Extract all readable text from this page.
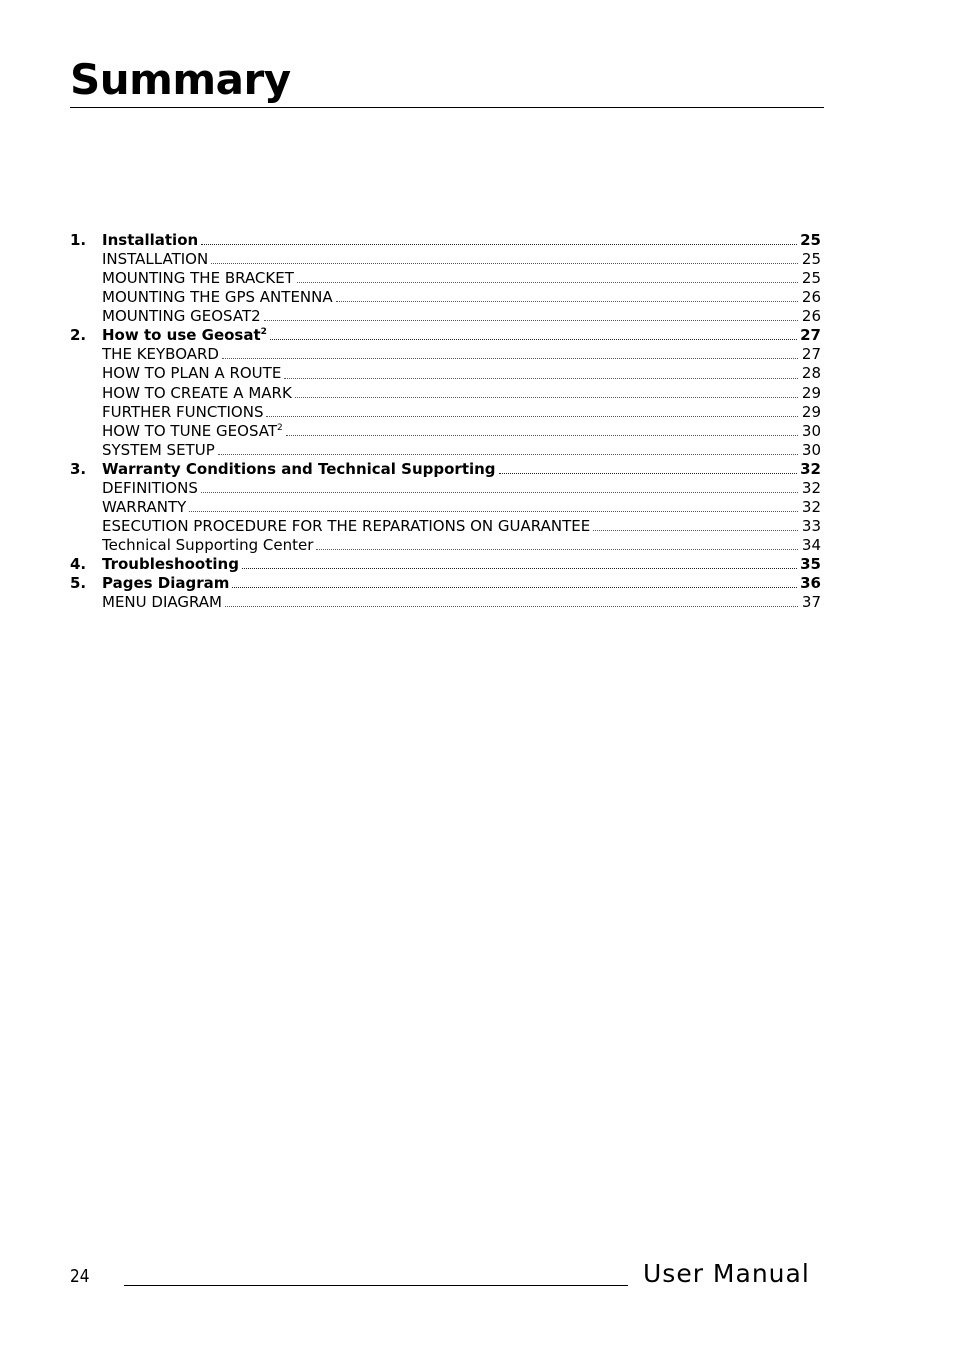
Summary
1.	Installation	25
INSTALLATION	25
MOUNTING THE BRACKET	25
MOUNTING THE GPS ANTENNA	26
MOUNTING GEOSAT2	26
2.	How to use Geosat$^2$	27
THE KEYBOARD	27
HOW TO PLAN A ROUTE	28
HOW TO CREATE A MARK	29
FURTHER FUNCTIONS	29
HOW TO TUNE GEOSAT$^2$	30
SYSTEM SETUP	30
3.	Warranty Conditions and Technical Supporting	32
DEFINITIONS	32
WARRANTY	32
ESECUTION PROCEDURE FOR THE REPARATIONS ON GUARANTEE	33
Technical Supporting Center	34
4.	Troubleshooting	35
5.	Pages Diagram	36
MENU DIAGRAM	37
24	User Manual
